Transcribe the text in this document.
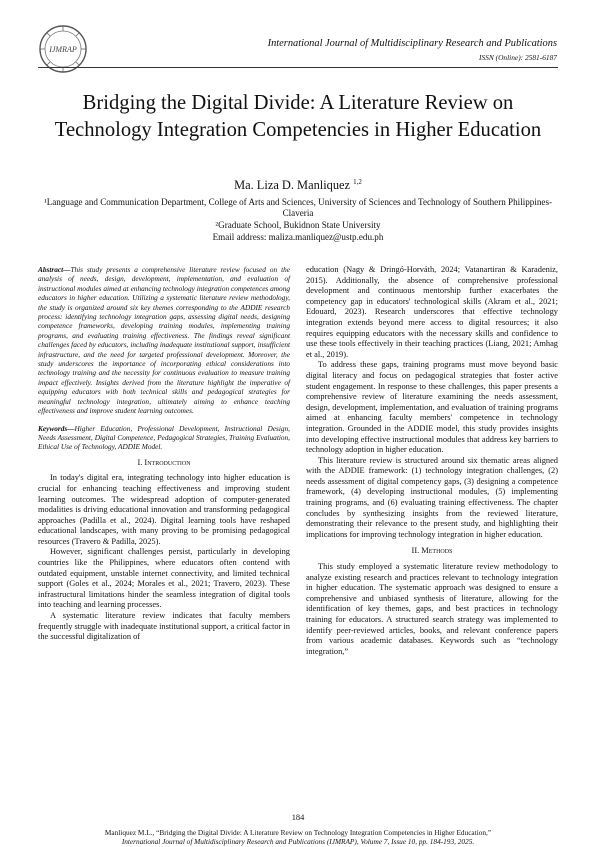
IJMRAP
International Journal of Multidisciplinary Research and Publications
ISSN (Online): 2581-6187
Bridging the Digital Divide: A Literature Review on Technology Integration Competencies in Higher Education
Ma. Liza D. Manliquez $^{1,2}$
¹Language and Communication Department, College of Arts and Sciences, University of Sciences and Technology of Southern Philippines-Claveria
²Graduate School, Bukidnon State University
Email address: maliza.manliquez@ustp.edu.ph

Abstract—This study presents a comprehensive literature review focused on the analysis of needs, design, development, implementation, and evaluation of instructional modules aimed at enhancing technology integration competences among educators in higher education. Utilizing a systematic literature review methodology, the study is organized around six key themes corresponding to the ADDIE research process: identifying technology integration gaps, assessing digital needs, designing competence frameworks, developing training modules, implementing training programs, and evaluating training effectiveness. The findings reveal significant challenges faced by educators, including inadequate institutional support, insufficient infrastructure, and the need for targeted professional development. Moreover, the study underscores the importance of incorporating ethical considerations into technology training and the necessity for continuous evaluation to measure training impact effectively. Insights derived from the literature highlight the imperative of equipping educators with both technical skills and pedagogical strategies for meaningful technology integration, ultimately aiming to enhance teaching effectiveness and improve student learning outcomes.

Keywords—Higher Education, Professional Development, Instructional Design, Needs Assessment, Digital Competence, Pedagogical Strategies, Training Evaluation, Ethical Use of Technology, ADDIE Model.

I. Introduction

In today's digital era, integrating technology into higher education is crucial for enhancing teaching effectiveness and improving student learning outcomes. The widespread adoption of computer-generated modalities is driving educational innovation and transforming pedagogical approaches (Padilla et al., 2024). Digital learning tools have reshaped educational landscapes, with many proving to be promising pedagogical resources (Travero & Padilla, 2025).

However, significant challenges persist, particularly in developing countries like the Philippines, where educators often contend with outdated equipment, unstable internet connectivity, and limited technical support (Goles et al., 2024; Morales et al., 2021; Travero, 2023). These infrastructural limitations hinder the seamless integration of digital tools into teaching and learning processes.

A systematic literature review indicates that faculty members frequently struggle with inadequate institutional support, a critical factor in the successful digitalization of

education (Nagy & Dringó-Horváth, 2024; Vatanartiran & Karadeniz, 2015). Additionally, the absence of comprehensive professional development and continuous mentorship further exacerbates the competency gap in educators' technological skills (Akram et al., 2021; Edouard, 2023). Research underscores that effective technology integration extends beyond mere access to digital resources; it also requires equipping educators with the necessary skills and confidence to use these tools effectively in their teaching practices (Liang, 2021; Amhag et al., 2019).

To address these gaps, training programs must move beyond basic digital literacy and focus on pedagogical strategies that foster active student engagement. In response to these challenges, this paper presents a comprehensive review of literature examining the needs assessment, design, development, implementation, and evaluation of training programs aimed at enhancing faculty members' competence in technology integration. Grounded in the ADDIE model, this study provides insights into developing effective instructional modules that address key barriers to technology adoption in higher education.

This literature review is structured around six thematic areas aligned with the ADDIE framework: (1) technology integration challenges, (2) needs assessment of digital competency gaps, (3) designing a competence framework, (4) developing instructional modules, (5) implementing training programs, and (6) evaluating training effectiveness. The chapter concludes by synthesizing insights from the reviewed literature, demonstrating their relevance to the present study, and highlighting their implications for improving technology integration in higher education.

II. Methods

This study employed a systematic literature review methodology to analyze existing research and practices relevant to technology integration in higher education. The systematic approach was designed to ensure a comprehensive and unbiased synthesis of literature, allowing for the identification of key themes, gaps, and best practices in technology training for educators. A structured search strategy was implemented to identify peer-reviewed articles, books, and relevant conference papers from various academic databases. Keywords such as “technology integration,”

184
Manliquez M.L., “Bridging the Digital Divide: A Literature Review on Technology Integration Competencies in Higher Education,”
International Journal of Multidisciplinary Research and Publications (IJMRAP), Volume 7, Issue 10, pp. 184-193, 2025.
